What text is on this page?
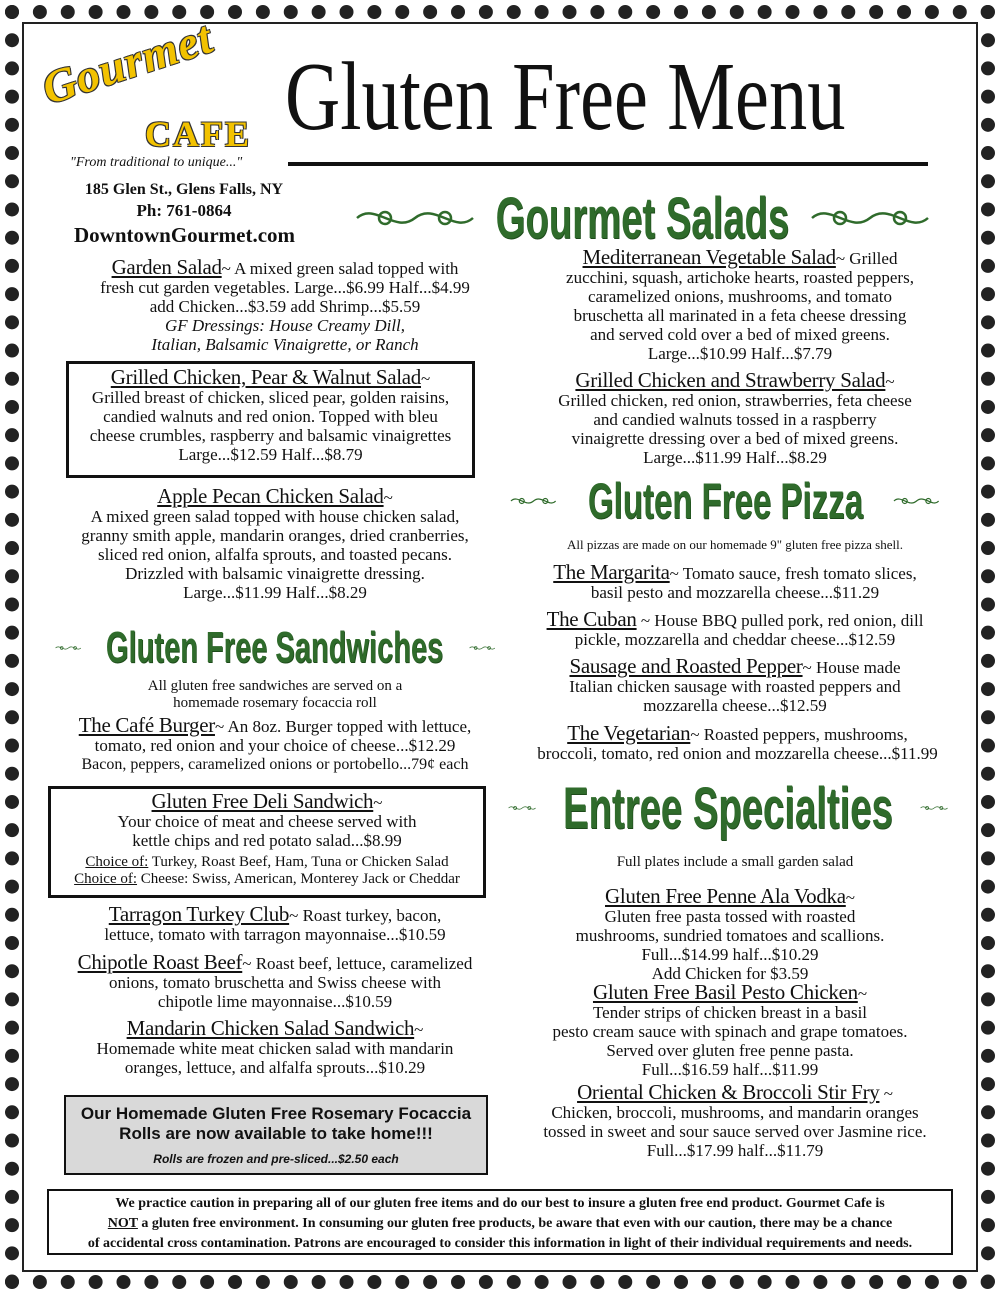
Gourmet
CAFE
"From traditional to unique..."
185 Glen St., Glens Falls, NY
Ph: 761-0864
DowntownGourmet.com
Gluten Free Menu
Gourmet Salads
Garden Salad~ A mixed green salad topped with
fresh cut garden vegetables. Large...$6.99 Half...$4.99
add Chicken...$3.59 add Shrimp...$5.59
GF Dressings: House Creamy Dill,
Italian, Balsamic Vinaigrette, or Ranch
Grilled Chicken, Pear & Walnut Salad~
Grilled breast of chicken, sliced pear, golden raisins,
candied walnuts and red onion. Topped with bleu
cheese crumbles, raspberry and balsamic vinaigrettes
Large...$12.59 Half...$8.79
Apple Pecan Chicken Salad~
A mixed green salad topped with house chicken salad,
granny smith apple, mandarin oranges, dried cranberries,
sliced red onion, alfalfa sprouts, and toasted pecans.
Drizzled with balsamic vinaigrette dressing.
Large...$11.99 Half...$8.29
Gluten Free Sandwiches
All gluten free sandwiches are served on a
homemade rosemary focaccia roll
The Café Burger~ An 8oz. Burger topped with lettuce,
tomato, red onion and your choice of cheese...$12.29
Bacon, peppers, caramelized onions or portobello...79¢ each
Gluten Free Deli Sandwich~
Your choice of meat and cheese served with
kettle chips and red potato salad...$8.99
Choice of: Turkey, Roast Beef, Ham, Tuna or Chicken Salad
Choice of: Cheese: Swiss, American, Monterey Jack or Cheddar
Tarragon Turkey Club~ Roast turkey, bacon,
lettuce, tomato with tarragon mayonnaise...$10.59
Chipotle Roast Beef~ Roast beef, lettuce, caramelized
onions, tomato bruschetta and Swiss cheese with
chipotle lime mayonnaise...$10.59
Mandarin Chicken Salad Sandwich~
Homemade white meat chicken salad with mandarin
oranges, lettuce, and alfalfa sprouts...$10.29
Our Homemade Gluten Free Rosemary Focaccia
Rolls are now available to take home!!!
Rolls are frozen and pre-sliced...$2.50 each
Mediterranean Vegetable Salad~ Grilled
zucchini, squash, artichoke hearts, roasted peppers,
caramelized onions, mushrooms, and tomato
bruschetta all marinated in a feta cheese dressing
and served cold over a bed of mixed greens.
Large...$10.99 Half...$7.79
Grilled Chicken and Strawberry Salad~
Grilled chicken, red onion, strawberries, feta cheese
and candied walnuts tossed in a raspberry
vinaigrette dressing over a bed of mixed greens.
Large...$11.99 Half...$8.29
Gluten Free Pizza
All pizzas are made on our homemade 9" gluten free pizza shell.
The Margarita~ Tomato sauce, fresh tomato slices,
basil pesto and mozzarella cheese...$11.29
The Cuban ~ House BBQ pulled pork, red onion, dill
pickle, mozzarella and cheddar cheese...$12.59
Sausage and Roasted Pepper~ House made
Italian chicken sausage with roasted peppers and
mozzarella cheese...$12.59
The Vegetarian~ Roasted peppers, mushrooms,
broccoli, tomato, red onion and mozzarella cheese...$11.99
Entree Specialties
Full plates include a small garden salad
Gluten Free Penne Ala Vodka~
Gluten free pasta tossed with roasted
mushrooms, sundried tomatoes and scallions.
Full...$14.99 half...$10.29
Add Chicken for $3.59
Gluten Free Basil Pesto Chicken~
Tender strips of chicken breast in a basil
pesto cream sauce with spinach and grape tomatoes.
Served over gluten free penne pasta.
Full...$16.59 half...$11.99
Oriental Chicken & Broccoli Stir Fry ~
Chicken, broccoli, mushrooms, and mandarin oranges
tossed in sweet and sour sauce served over Jasmine rice.
Full...$17.99 half...$11.79
We practice caution in preparing all of our gluten free items and do our best to insure a gluten free end product. Gourmet Cafe is
NOT a gluten free environment. In consuming our gluten free products, be aware that even with our caution, there may be a chance
of accidental cross contamination. Patrons are encouraged to consider this information in light of their individual requirements and needs.
